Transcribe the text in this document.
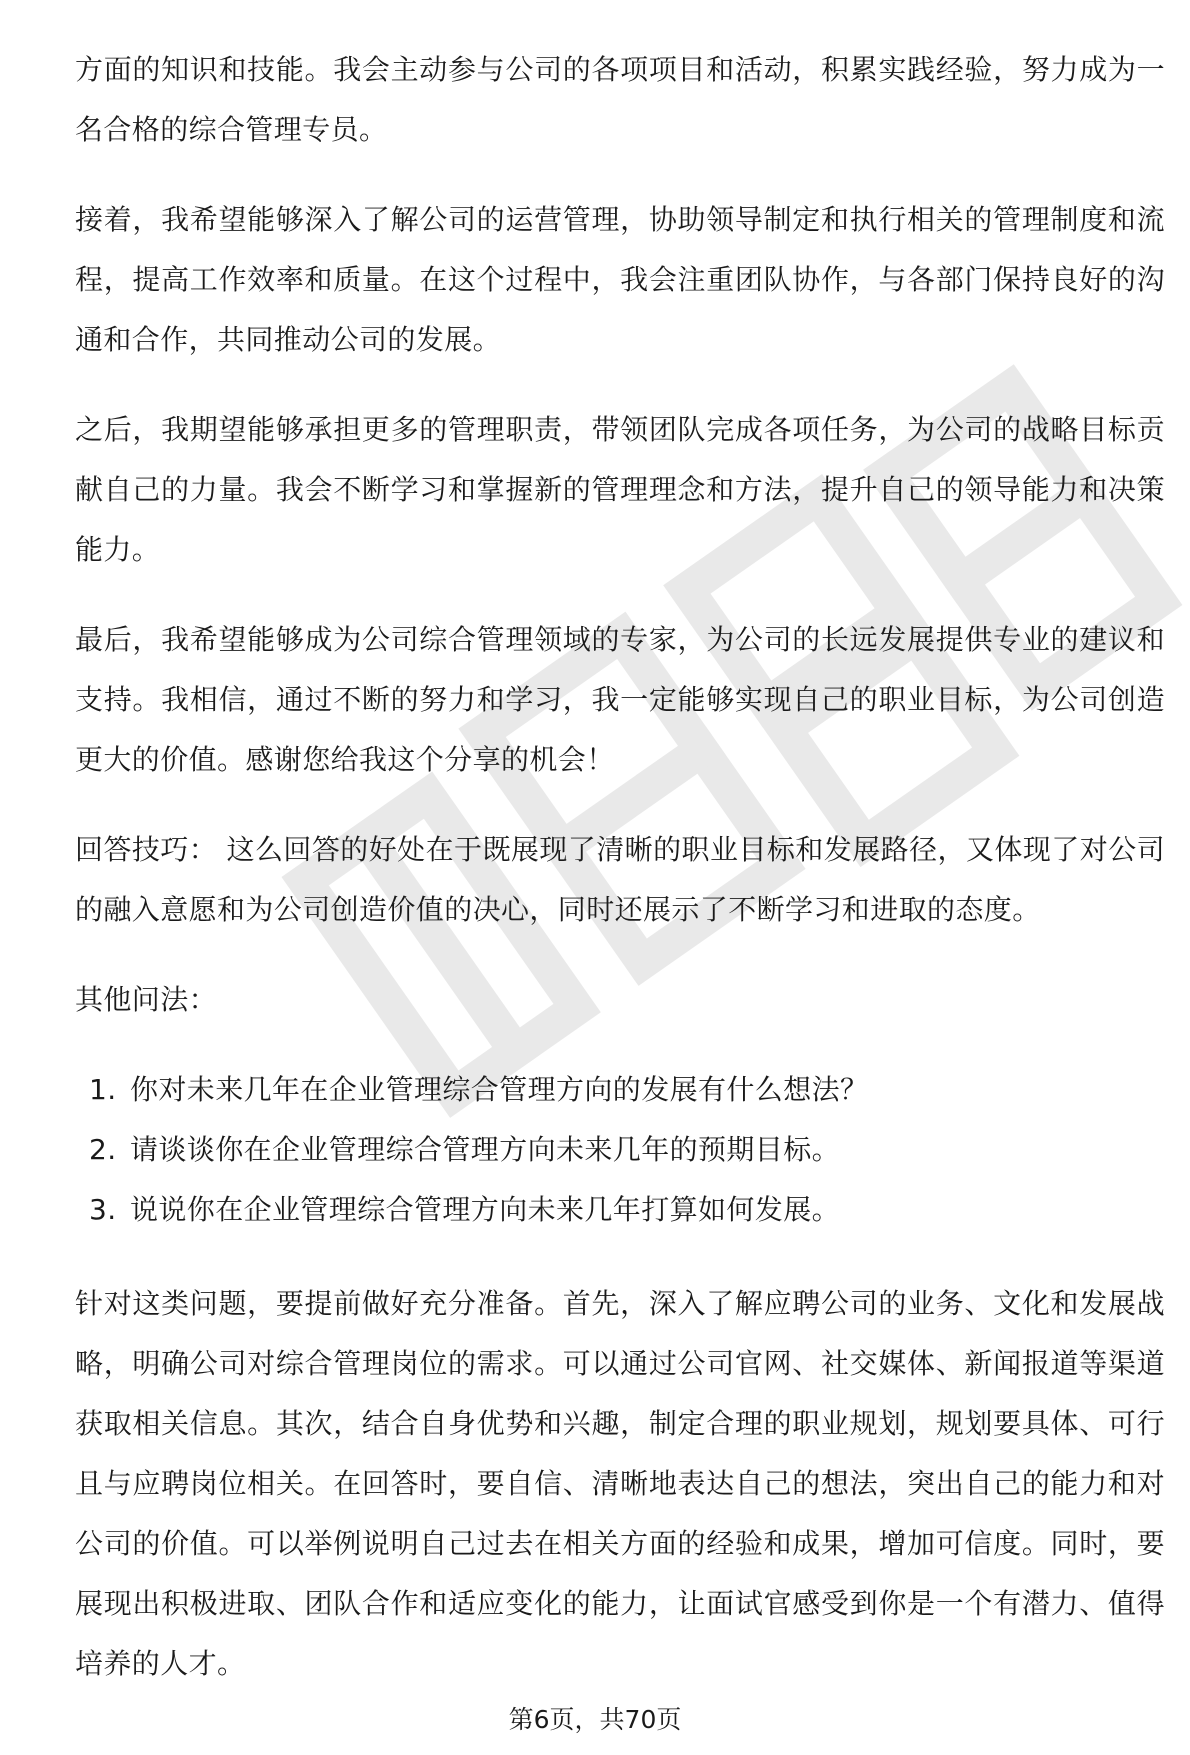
方面的知识和技能。我会主动参与公司的各项项目和活动，积累实践经验，努力成为一名合格的综合管理专员。

接着，我希望能够深入了解公司的运营管理，协助领导制定和执行相关的管理制度和流程，提高工作效率和质量。在这个过程中，我会注重团队协作，与各部门保持良好的沟通和合作，共同推动公司的发展。

之后，我期望能够承担更多的管理职责，带领团队完成各项任务，为公司的战略目标贡献自己的力量。我会不断学习和掌握新的管理理念和方法，提升自己的领导能力和决策能力。

最后，我希望能够成为公司综合管理领域的专家，为公司的长远发展提供专业的建议和支持。我相信，通过不断的努力和学习，我一定能够实现自己的职业目标，为公司创造更大的价值。感谢您给我这个分享的机会！

回答技巧： 这么回答的好处在于既展现了清晰的职业目标和发展路径，又体现了对公司的融入意愿和为公司创造价值的决心，同时还展示了不断学习和进取的态度。

其他问法：

1. 你对未来几年在企业管理综合管理方向的发展有什么想法？
2. 请谈谈你在企业管理综合管理方向未来几年的预期目标。
3. 说说你在企业管理综合管理方向未来几年打算如何发展。

针对这类问题，要提前做好充分准备。首先，深入了解应聘公司的业务、文化和发展战略，明确公司对综合管理岗位的需求。可以通过公司官网、社交媒体、新闻报道等渠道获取相关信息。其次，结合自身优势和兴趣，制定合理的职业规划，规划要具体、可行且与应聘岗位相关。在回答时，要自信、清晰地表达自己的想法，突出自己的能力和对公司的价值。可以举例说明自己过去在相关方面的经验和成果，增加可信度。同时，要展现出积极进取、团队合作和适应变化的能力，让面试官感受到你是一个有潜力、值得培养的人才。

第6页，共70页
